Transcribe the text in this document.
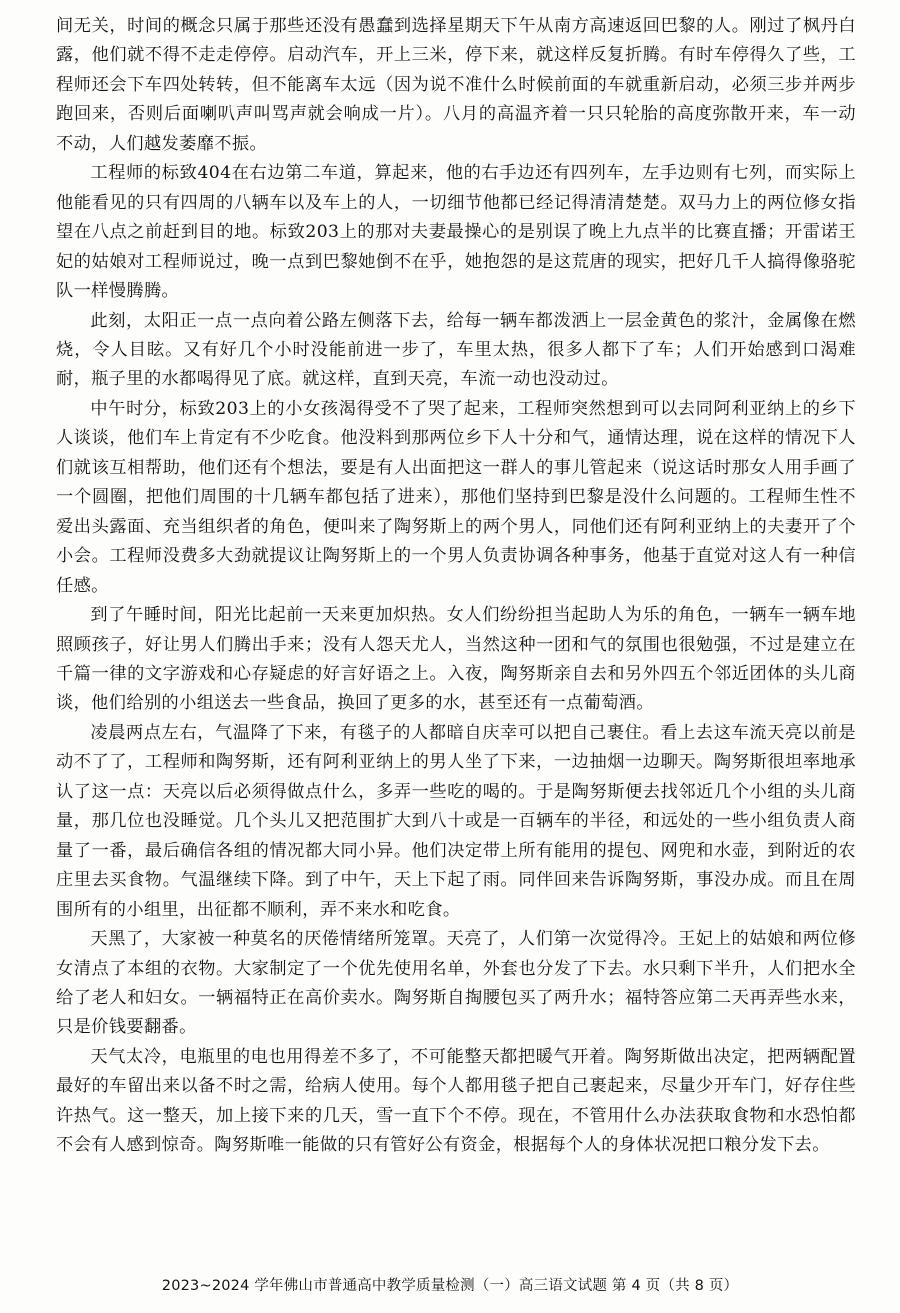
间无关，时间的概念只属于那些还没有愚蠢到选择星期天下午从南方高速返回巴黎的人。刚过了枫丹白露，他们就不得不走走停停。启动汽车，开上三米，停下来，就这样反复折腾。有时车停得久了些，工程师还会下车四处转转，但不能离车太远（因为说不准什么时候前面的车就重新启动，必须三步并两步跑回来，否则后面喇叭声叫骂声就会响成一片）。八月的高温齐着一只只轮胎的高度弥散开来，车一动不动，人们越发萎靡不振。

工程师的标致404在右边第二车道，算起来，他的右手边还有四列车，左手边则有七列，而实际上他能看见的只有四周的八辆车以及车上的人，一切细节他都已经记得清清楚楚。双马力上的两位修女指望在八点之前赶到目的地。标致203上的那对夫妻最操心的是别误了晚上九点半的比赛直播；开雷诺王妃的姑娘对工程师说过，晚一点到巴黎她倒不在乎，她抱怨的是这荒唐的现实，把好几千人搞得像骆驼队一样慢腾腾。

此刻，太阳正一点一点向着公路左侧落下去，给每一辆车都泼洒上一层金黄色的浆汁，金属像在燃烧，令人目眩。又有好几个小时没能前进一步了，车里太热，很多人都下了车；人们开始感到口渴难耐，瓶子里的水都喝得见了底。就这样，直到天亮，车流一动也没动过。

中午时分，标致203上的小女孩渴得受不了哭了起来，工程师突然想到可以去同阿利亚纳上的乡下人谈谈，他们车上肯定有不少吃食。他没料到那两位乡下人十分和气，通情达理，说在这样的情况下人们就该互相帮助，他们还有个想法，要是有人出面把这一群人的事儿管起来（说这话时那女人用手画了一个圆圈，把他们周围的十几辆车都包括了进来），那他们坚持到巴黎是没什么问题的。工程师生性不爱出头露面、充当组织者的角色，便叫来了陶努斯上的两个男人，同他们还有阿利亚纳上的夫妻开了个小会。工程师没费多大劲就提议让陶努斯上的一个男人负责协调各种事务，他基于直觉对这人有一种信任感。

到了午睡时间，阳光比起前一天来更加炽热。女人们纷纷担当起助人为乐的角色，一辆车一辆车地照顾孩子，好让男人们腾出手来；没有人怨天尤人，当然这种一团和气的氛围也很勉强，不过是建立在千篇一律的文字游戏和心存疑虑的好言好语之上。入夜，陶努斯亲自去和另外四五个邻近团体的头儿商谈，他们给别的小组送去一些食品，换回了更多的水，甚至还有一点葡萄酒。

凌晨两点左右，气温降了下来，有毯子的人都暗自庆幸可以把自己裹住。看上去这车流天亮以前是动不了了，工程师和陶努斯，还有阿利亚纳上的男人坐了下来，一边抽烟一边聊天。陶努斯很坦率地承认了这一点：天亮以后必须得做点什么，多弄一些吃的喝的。于是陶努斯便去找邻近几个小组的头儿商量，那几位也没睡觉。几个头儿又把范围扩大到八十或是一百辆车的半径，和远处的一些小组负责人商量了一番，最后确信各组的情况都大同小异。他们决定带上所有能用的提包、网兜和水壶，到附近的农庄里去买食物。气温继续下降。到了中午，天上下起了雨。同伴回来告诉陶努斯，事没办成。而且在周围所有的小组里，出征都不顺利，弄不来水和吃食。

天黑了，大家被一种莫名的厌倦情绪所笼罩。天亮了，人们第一次觉得冷。王妃上的姑娘和两位修女清点了本组的衣物。大家制定了一个优先使用名单，外套也分发了下去。水只剩下半升，人们把水全给了老人和妇女。一辆福特正在高价卖水。陶努斯自掏腰包买了两升水；福特答应第二天再弄些水来，只是价钱要翻番。

天气太冷，电瓶里的电也用得差不多了，不可能整天都把暖气开着。陶努斯做出决定，把两辆配置最好的车留出来以备不时之需，给病人使用。每个人都用毯子把自己裹起来，尽量少开车门，好存住些许热气。这一整天，加上接下来的几天，雪一直下个不停。现在，不管用什么办法获取食物和水恐怕都不会有人感到惊奇。陶努斯唯一能做的只有管好公有资金，根据每个人的身体状况把口粮分发下去。

2023~2024 学年佛山市普通高中教学质量检测（一）高三语文试题 第 4 页（共 8 页）
